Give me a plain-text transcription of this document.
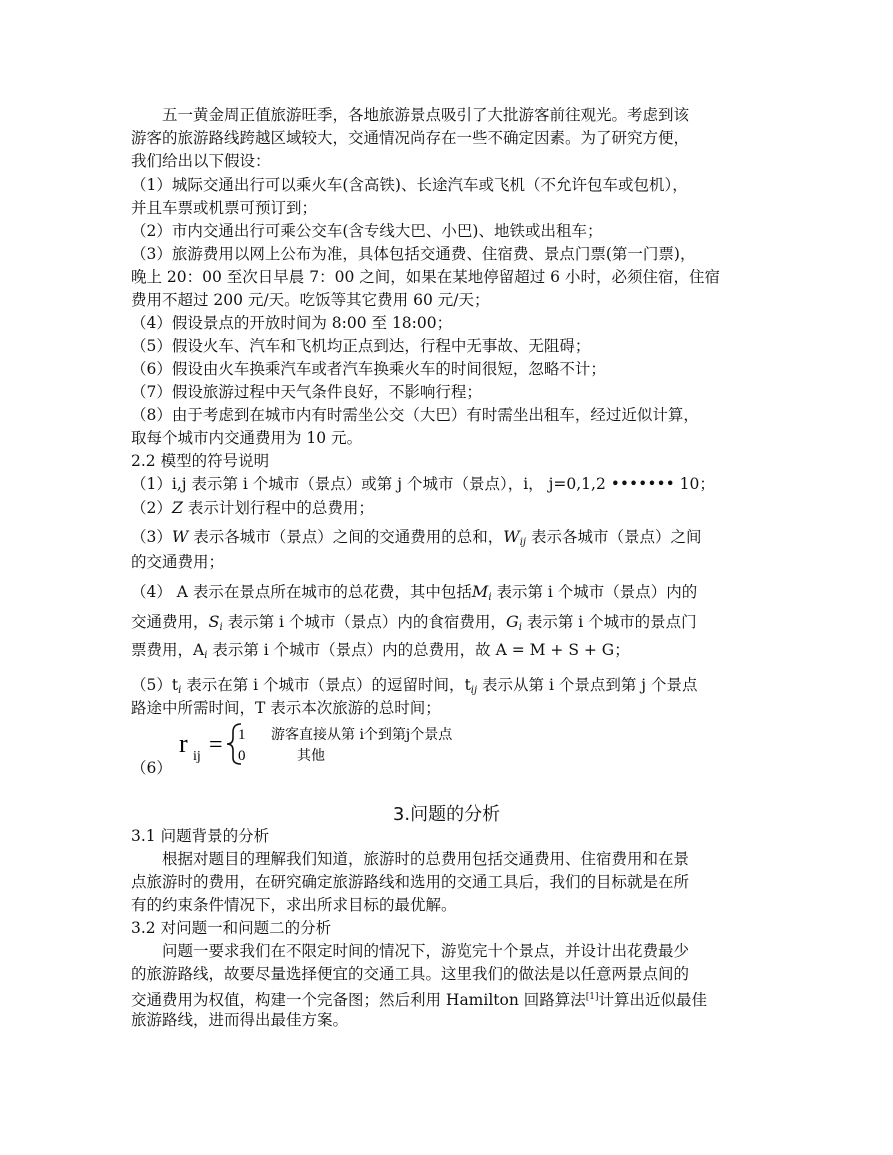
五一黄金周正值旅游旺季，各地旅游景点吸引了大批游客前往观光。考虑到该
游客的旅游路线跨越区域较大，交通情况尚存在一些不确定因素。为了研究方便，
我们给出以下假设：
（1）城际交通出行可以乘火车(含高铁)、长途汽车或飞机（不允许包车或包机），
并且车票或机票可预订到；
（2）市内交通出行可乘公交车(含专线大巴、小巴)、地铁或出租车；
（3）旅游费用以网上公布为准，具体包括交通费、住宿费、景点门票(第一门票)，
晚上 20：00 至次日早晨 7：00 之间，如果在某地停留超过 6 小时，必须住宿，住宿
费用不超过 200 元/天。吃饭等其它费用 60 元/天；
（4）假设景点的开放时间为 8:00 至 18:00；
（5）假设火车、汽车和飞机均正点到达，行程中无事故、无阻碍；
（6）假设由火车换乘汽车或者汽车换乘火车的时间很短，忽略不计；
（7）假设旅游过程中天气条件良好，不影响行程；
（8）由于考虑到在城市内有时需坐公交（大巴）有时需坐出租车，经过近似计算，
取每个城市内交通费用为 10 元。
2.2 模型的符号说明
（1）i,j 表示第 i 个城市（景点）或第 j 个城市（景点），i， j=0,1,2 ••••••• 10；
（2）Z 表示计划行程中的总费用；
（3）W 表示各城市（景点）之间的交通费用的总和，$W_{ij}$ 表示各城市（景点）之间
的交通费用；
（4） A 表示在景点所在城市的总花费，其中包括$M_i$ 表示第 i 个城市（景点）内的
交通费用，$S_i$ 表示第 i 个城市（景点）内的食宿费用，$G_i$ 表示第 i 个城市的景点门
票费用，$A_i$ 表示第 i 个城市（景点）内的总费用，故 A = M + S + G；
$(5)t_i$ 表示在第 i 个城市（景点）的逗留时间，$t_{ij}$ 表示从第 i 个景点到第 j 个景点
路途中所需时间，T 表示本次旅游的总时间；
（6）
r ij = 1 游客直接从第 i个到第j个景点
0	其他
3.问题的分析
3.1 问题背景的分析
根据对题目的理解我们知道，旅游时的总费用包括交通费用、住宿费用和在景
点旅游时的费用，在研究确定旅游路线和选用的交通工具后，我们的目标就是在所
有的约束条件情况下，求出所求目标的最优解。
3.2 对问题一和问题二的分析
问题一要求我们在不限定时间的情况下，游览完十个景点，并设计出花费最少
的旅游路线，故要尽量选择便宜的交通工具。这里我们的做法是以任意两景点间的
交通费用为权值，构建一个完备图；然后利用 Hamilton 回路算法[1]计算出近似最佳
旅游路线，进而得出最佳方案。
